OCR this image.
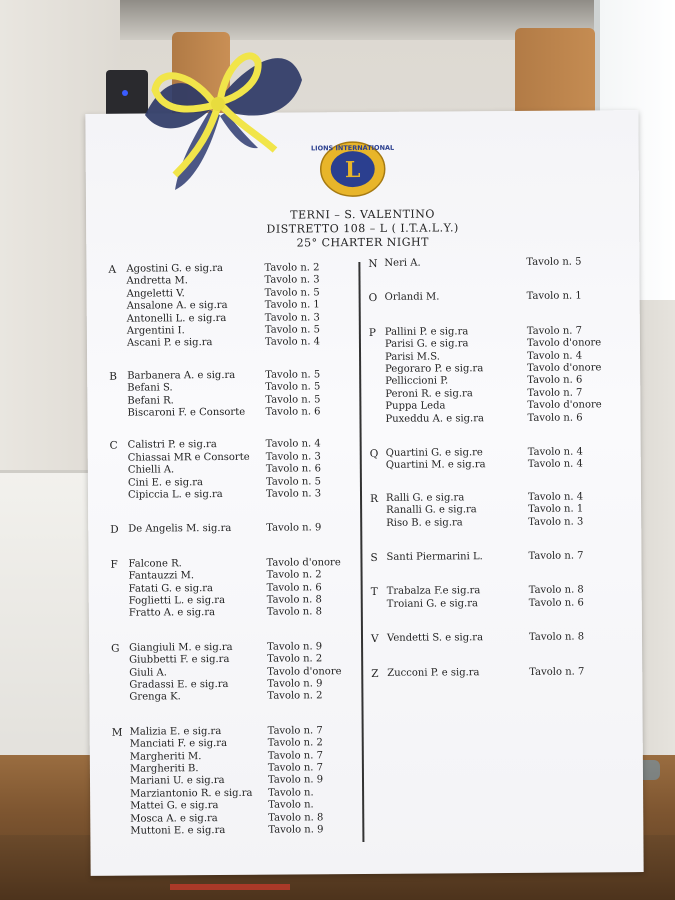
L
LIONS INTERNATIONAL
TERNI – S. VALENTINO
DISTRETTO 108 – L ( I.T.A.L.Y.)
25° CHARTER NIGHT
A Agostini G. e sig.ra	Tavolo n. 2
Andretta M.	Tavolo n. 3
Angeletti V.	Tavolo n. 5
Ansalone A. e sig.ra	Tavolo n. 1
Antonelli L. e sig.ra	Tavolo n. 3
Argentini I.	Tavolo n. 5
Ascani P. e sig.ra	Tavolo n. 4
B Barbanera A. e sig.ra	Tavolo n. 5
Befani S.	Tavolo n. 5
Befani R.	Tavolo n. 5
Biscaroni F. e Consorte Tavolo n. 6
C Calistri P. e sig.ra	Tavolo n. 4
Chiassai MR e Consorte Tavolo n. 3
Chielli A.	Tavolo n. 6
Cini E. e sig.ra	Tavolo n. 5
Cipiccia L. e sig.ra	Tavolo n. 3
D De Angelis M. sig.ra	Tavolo n. 9
F Falcone R.	Tavolo d'onore
Fantauzzi M.	Tavolo n. 2
Fatati G. e sig.ra	Tavolo n. 6
Foglietti L. e sig.ra	Tavolo n. 8
Fratto A. e sig.ra	Tavolo n. 8
G Giangiuli M. e sig.ra	Tavolo n. 9
Giubbetti F. e sig.ra	Tavolo n. 2
Giuli A.	Tavolo d'onore
Gradassi E. e sig.ra	Tavolo n. 9
Grenga K.	Tavolo n. 2
M Malizia E. e sig.ra	Tavolo n. 7
Manciati F. e sig.ra	Tavolo n. 2
Margheriti M.	Tavolo n. 7
Margheriti B.	Tavolo n. 7
Mariani U. e sig.ra	Tavolo n. 9
Marziantonio R. e sig.ra Tavolo n.
Mattei G. e sig.ra	Tavolo n.
Mosca A. e sig.ra	Tavolo n. 8
Muttoni E. e sig.ra	Tavolo n. 9
N Neri A.	Tavolo n. 5
O Orlandi M.	Tavolo n. 1
P Pallini P. e sig.ra	Tavolo n. 7
Parisi G. e sig.ra	Tavolo d'onore
Parisi M.S.	Tavolo n. 4
Pegoraro P. e sig.ra	Tavolo d'onore
Pelliccioni P.	Tavolo n. 6
Peroni R. e sig.ra	Tavolo n. 7
Puppa Leda	Tavolo d'onore
Puxeddu A. e sig.ra	Tavolo n. 6
Q Quartini G. e sig.re	Tavolo n. 4
Quartini M. e sig.ra	Tavolo n. 4
R Ralli G. e sig.ra	Tavolo n. 4
Ranalli G. e sig.ra	Tavolo n. 1
Riso B. e sig.ra	Tavolo n. 3
S Santi Piermarini L.	Tavolo n. 7
T Trabalza F.e sig.ra	Tavolo n. 8
Troiani G. e sig.ra	Tavolo n. 6
V Vendetti S. e sig.ra	Tavolo n. 8
Z Zucconi P. e sig.ra	Tavolo n. 7
